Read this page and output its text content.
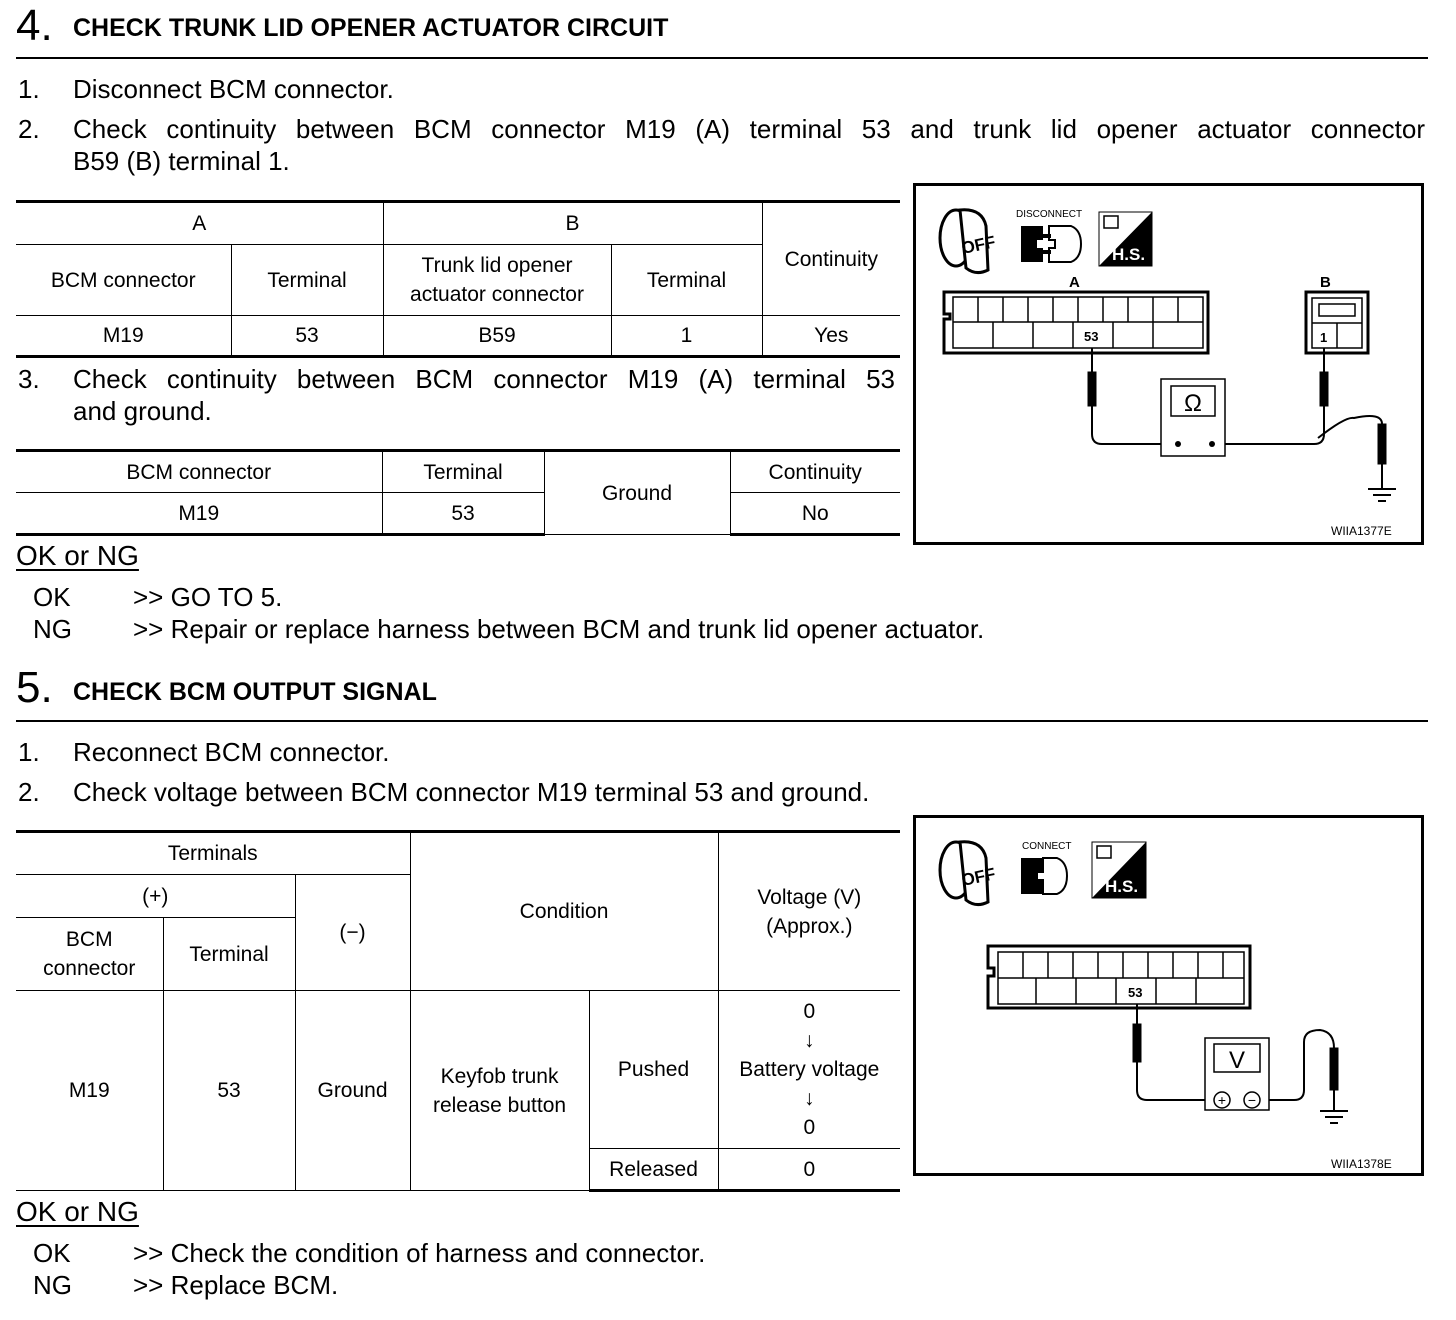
4. CHECK TRUNK LID OPENER ACTUATOR CIRCUIT
1. Disconnect BCM connector.
2. Check continuity between BCM connector M19 (A) terminal 53 and trunk lid opener actuator connector
B59 (B) terminal 1.
A		B		Continuity
BCM connector	Terminal	Trunk lid opener actuator connector	Terminal	
M19	53	B59	1	Yes
3. Check continuity between BCM connector M19 (A) terminal 53
and ground.
BCM connector	Terminal	Ground	Continuity
M19	53		No
OK or NG
OK >> GO TO 5.
NG >> Repair or replace harness between BCM and trunk lid opener actuator.
OFF
DISCONNECT
H.S.
A
53
B
1
Ω
WIIA1377E
5. CHECK BCM OUTPUT SIGNAL
1. Reconnect BCM connector.
2. Check voltage between BCM connector M19 terminal 53 and ground.
Terminals			Condition		Voltage (V)
(Approx.)

(+)		(−)			
BCM connector	Terminal				
M19	53	Ground	Keyfob trunk release button	Pushed	0
↓
Battery voltage
↓
0

				Released	0
OK or NG
OK >> Check the condition of harness and connector.
NG >> Replace BCM.
OFF
CONNECT
H.S.
53
V
+ −
WIIA1378E
